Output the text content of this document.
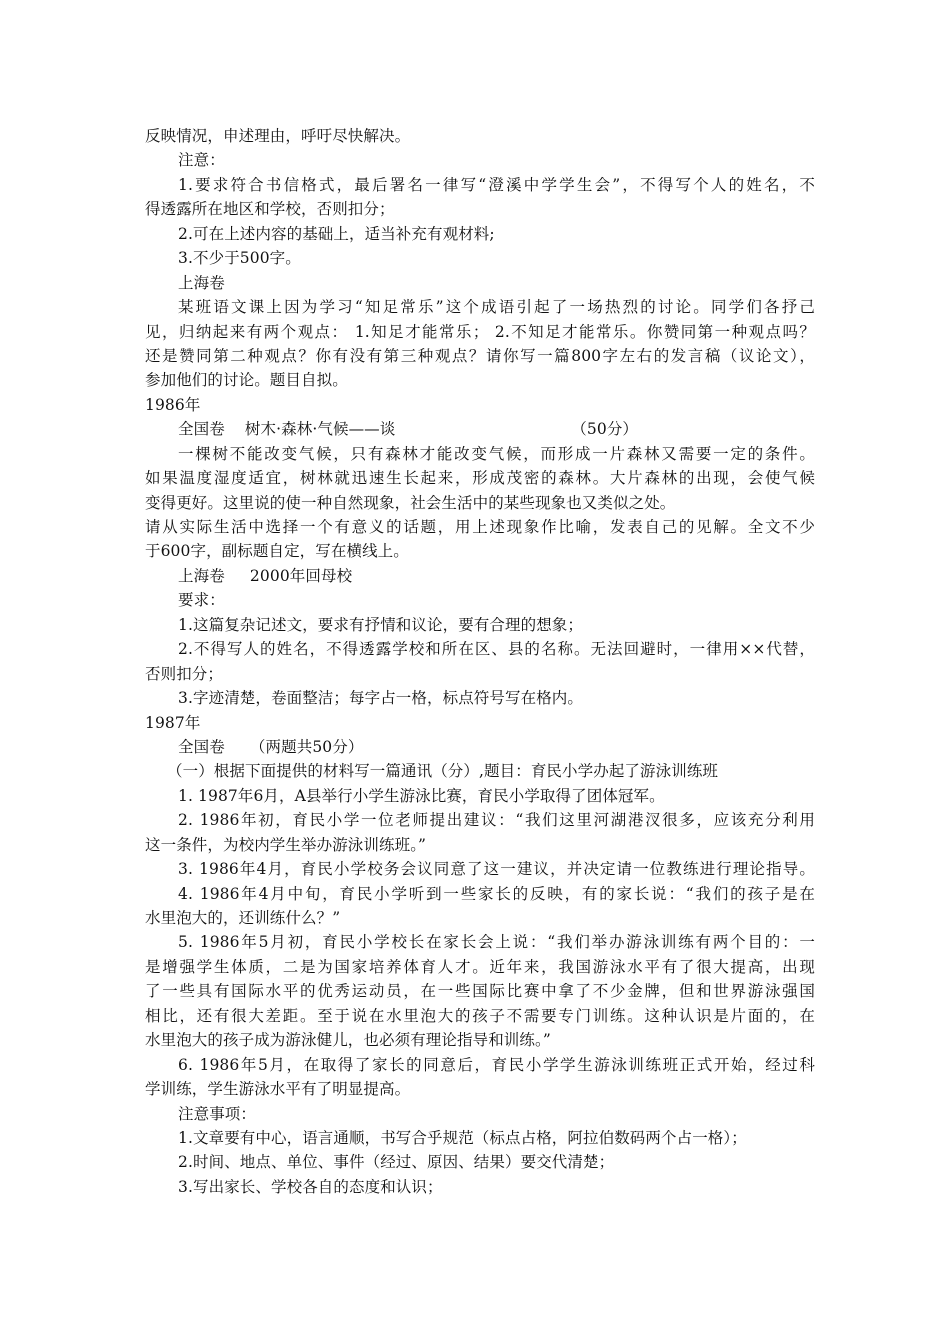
反映情况，申述理由，呼吁尽快解决。
注意：
1.要求符合书信格式，最后署名一律写“澄溪中学学生会”，不得写个人的姓名，不
得透露所在地区和学校，否则扣分；
2.可在上述内容的基础上，适当补充有观材料;
3.不少于500字。
上海卷
某班语文课上因为学习“知足常乐”这个成语引起了一场热烈的讨论。同学们各抒己
见，归纳起来有两个观点： 1.知足才能常乐； 2.不知足才能常乐。你赞同第一种观点吗？
还是赞同第二种观点？你有没有第三种观点？请你写一篇800字左右的发言稿（议论文），
参加他们的讨论。题目自拟。
1986年
全国卷    树木·森林·气候——谈                                   （50分）
一棵树不能改变气候，只有森林才能改变气候，而形成一片森林又需要一定的条件。
如果温度湿度适宜，树林就迅速生长起来，形成茂密的森林。大片森林的出现，会使气候
变得更好。这里说的使一种自然现象，社会生活中的某些现象也又类似之处。
请从实际生活中选择一个有意义的话题，用上述现象作比喻，发表自己的见解。全文不少
于600字，副标题自定，写在横线上。
上海卷     2000年回母校
要求：
1.这篇复杂记述文，要求有抒情和议论，要有合理的想象；
2.不得写人的姓名，不得透露学校和所在区、县的名称。无法回避时，一律用××代替，
否则扣分；
3.字迹清楚，卷面整洁；每字占一格，标点符号写在格内。
1987年
全国卷     （两题共50分）
（一）根据下面提供的材料写一篇通讯（分）,题目：育民小学办起了游泳训练班
1. 1987年6月，A县举行小学生游泳比赛，育民小学取得了团体冠军。
2. 1986年初，育民小学一位老师提出建议：“我们这里河湖港汊很多，应该充分利用
这一条件，为校内学生举办游泳训练班。”
3. 1986年4月，育民小学校务会议同意了这一建议，并决定请一位教练进行理论指导。
4. 1986年4月中旬，育民小学听到一些家长的反映，有的家长说：“我们的孩子是在
水里泡大的，还训练什么？”
5. 1986年5月初，育民小学校长在家长会上说：“我们举办游泳训练有两个目的：一
是增强学生体质，二是为国家培养体育人才。近年来，我国游泳水平有了很大提高，出现
了一些具有国际水平的优秀运动员，在一些国际比赛中拿了不少金牌，但和世界游泳强国
相比，还有很大差距。至于说在水里泡大的孩子不需要专门训练。这种认识是片面的，在
水里泡大的孩子成为游泳健儿，也必须有理论指导和训练。”
6. 1986年5月，在取得了家长的同意后，育民小学学生游泳训练班正式开始，经过科
学训练，学生游泳水平有了明显提高。
注意事项：
1.文章要有中心，语言通顺，书写合乎规范（标点占格，阿拉伯数码两个占一格）；
2.时间、地点、单位、事件（经过、原因、结果）要交代清楚；
3.写出家长、学校各自的态度和认识；
